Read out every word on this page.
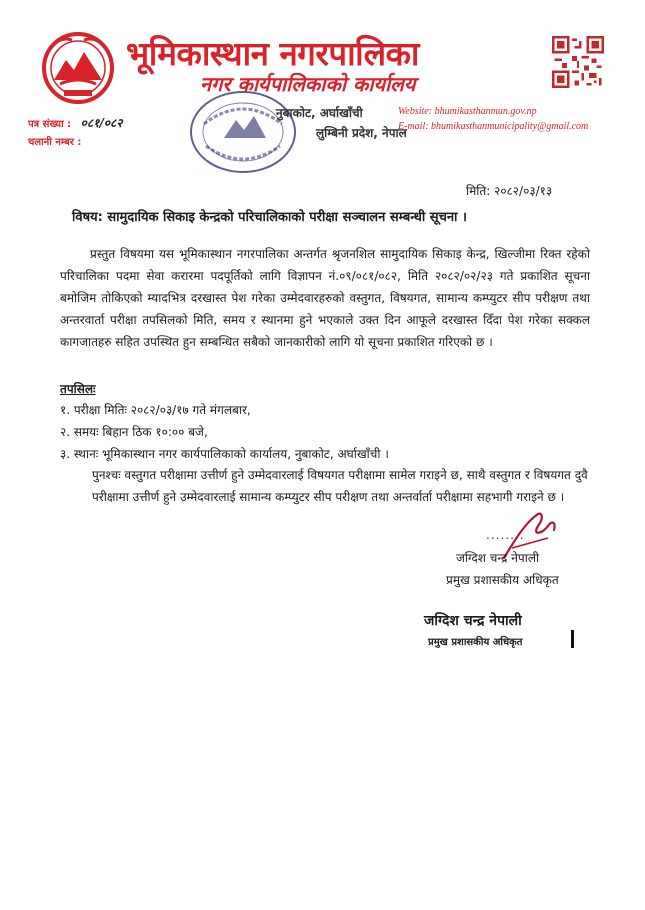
भूमिकास्थान नगरपालिका
नगर कार्यपालिकाको कार्यालय
नुबाकोट, अर्घाखाँची
लुम्बिनी प्रदेश, नेपाल
Website: bhumikasthanmun.gov.np
E-mail: bhumikasthanmunicipality@gmail.com
पत्र संख्या : ०८१/०८२
चलानी नम्बर :
मिति: २०८२/०३/१३
विषय: सामुदायिक सिकाइ केन्द्रको परिचालिकाको परीक्षा सञ्चालन सम्बन्धी सूचना ।

प्रस्तुत विषयमा यस भूमिकास्थान नगरपालिका अन्तर्गत श्रृजनशिल सामुदायिक सिकाइ केन्द्र, खिल्जीमा रिक्त रहेको परिचालिका पदमा सेवा करारमा पदपूर्तिको लागि विज्ञापन नं.०९/०८१/०८२, मिति २०८२/०२/२३ गते प्रकाशित सूचना बमोजिम तोकिएको म्यादभित्र दरखास्त पेश गरेका उम्मेदवारहरुको वस्तुगत, विषयगत, सामान्य कम्प्युटर सीप परीक्षण तथा अन्तरवार्ता परीक्षा तपसिलको मिति, समय र स्थानमा हुने भएकाले उक्त दिन आफूले दरखास्त दिँदा पेश गरेका सक्कल कागजातहरु सहित उपस्थित हुन सम्बन्धित सबैको जानकारीको लागि यो सूचना प्रकाशित गरिएको छ ।

तपसिलः
१. परीक्षा मितिः २०८२/०३/१७ गते मंगलबार,
२. समयः बिहान ठिक १०:०० बजे,
३. स्थानः भूमिकास्थान नगर कार्यपालिकाको कार्यालय, नुबाकोट, अर्घाखाँची ।
पुनश्चः वस्तुगत परीक्षामा उत्तीर्ण हुने उम्मेदवारलाई विषयगत परीक्षामा सामेल गराइने छ, साथै वस्तुगत र विषयगत दुवै परीक्षामा उत्तीर्ण हुने उम्मेदवारलाई सामान्य कम्प्युटर सीप परीक्षण तथा अन्तर्वार्ता परीक्षामा सहभागी गराइने छ ।
........
जग्दिश चन्द्र नेपाली
प्रमुख प्रशासकीय अधिकृत
जग्दिश चन्द्र नेपाली
प्रमुख प्रशासकीय अधिकृत
